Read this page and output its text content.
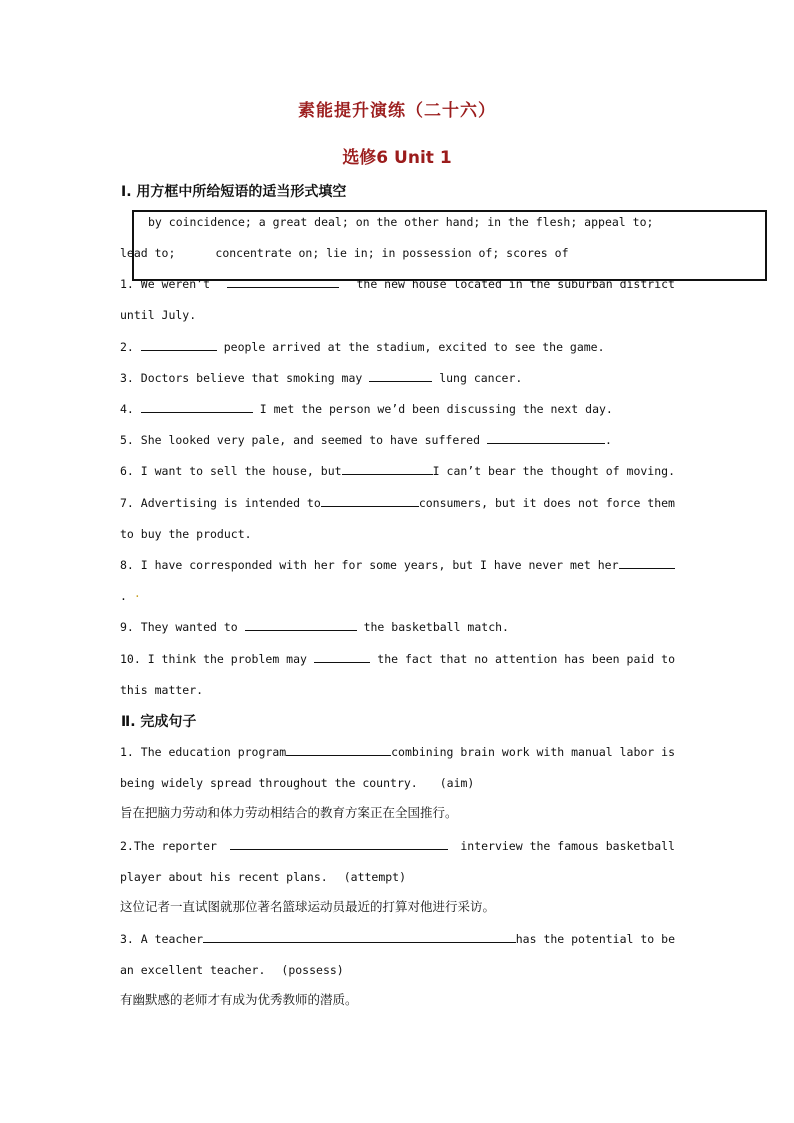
素能提升演练（二十六）
选修6 Unit 1
Ⅰ. 用方框中所给短语的适当形式填空
by coincidence; a great deal; on the other hand; in the flesh; appeal to;
lead to;	concentrate on; lie in; in possession of; scores of
1. We weren’t	the new house located in the suburban district
until July.
2.	people arrived at the stadium, excited to see the game.
3. Doctors believe that smoking may	lung cancer.
4.	I met the person we’d been discussing the next day.
5. She looked very pale, and seemed to have suffered	.
6. I want to sell the house, but	I can’t bear the thought of moving.
7. Advertising is intended to	consumers, but it does not force them
to buy the product.
8. I have corresponded with her for some years, but I have never met her
. ·
9. They wanted to	the basketball match.
10. I think the problem may	the fact that no attention has been paid to
this matter.
Ⅱ. 完成句子
1. The education program	combining brain work with manual labor is
being widely spread throughout the country. (aim)
旨在把脑力劳动和体力劳动相结合的教育方案正在全国推行。
2.The reporter	interview the famous basketball
player about his recent plans. (attempt)
这位记者一直试图就那位著名篮球运动员最近的打算对他进行采访。
3. A teacher	has the potential to be
an excellent teacher. (possess)
有幽默感的老师才有成为优秀教师的潜质。
